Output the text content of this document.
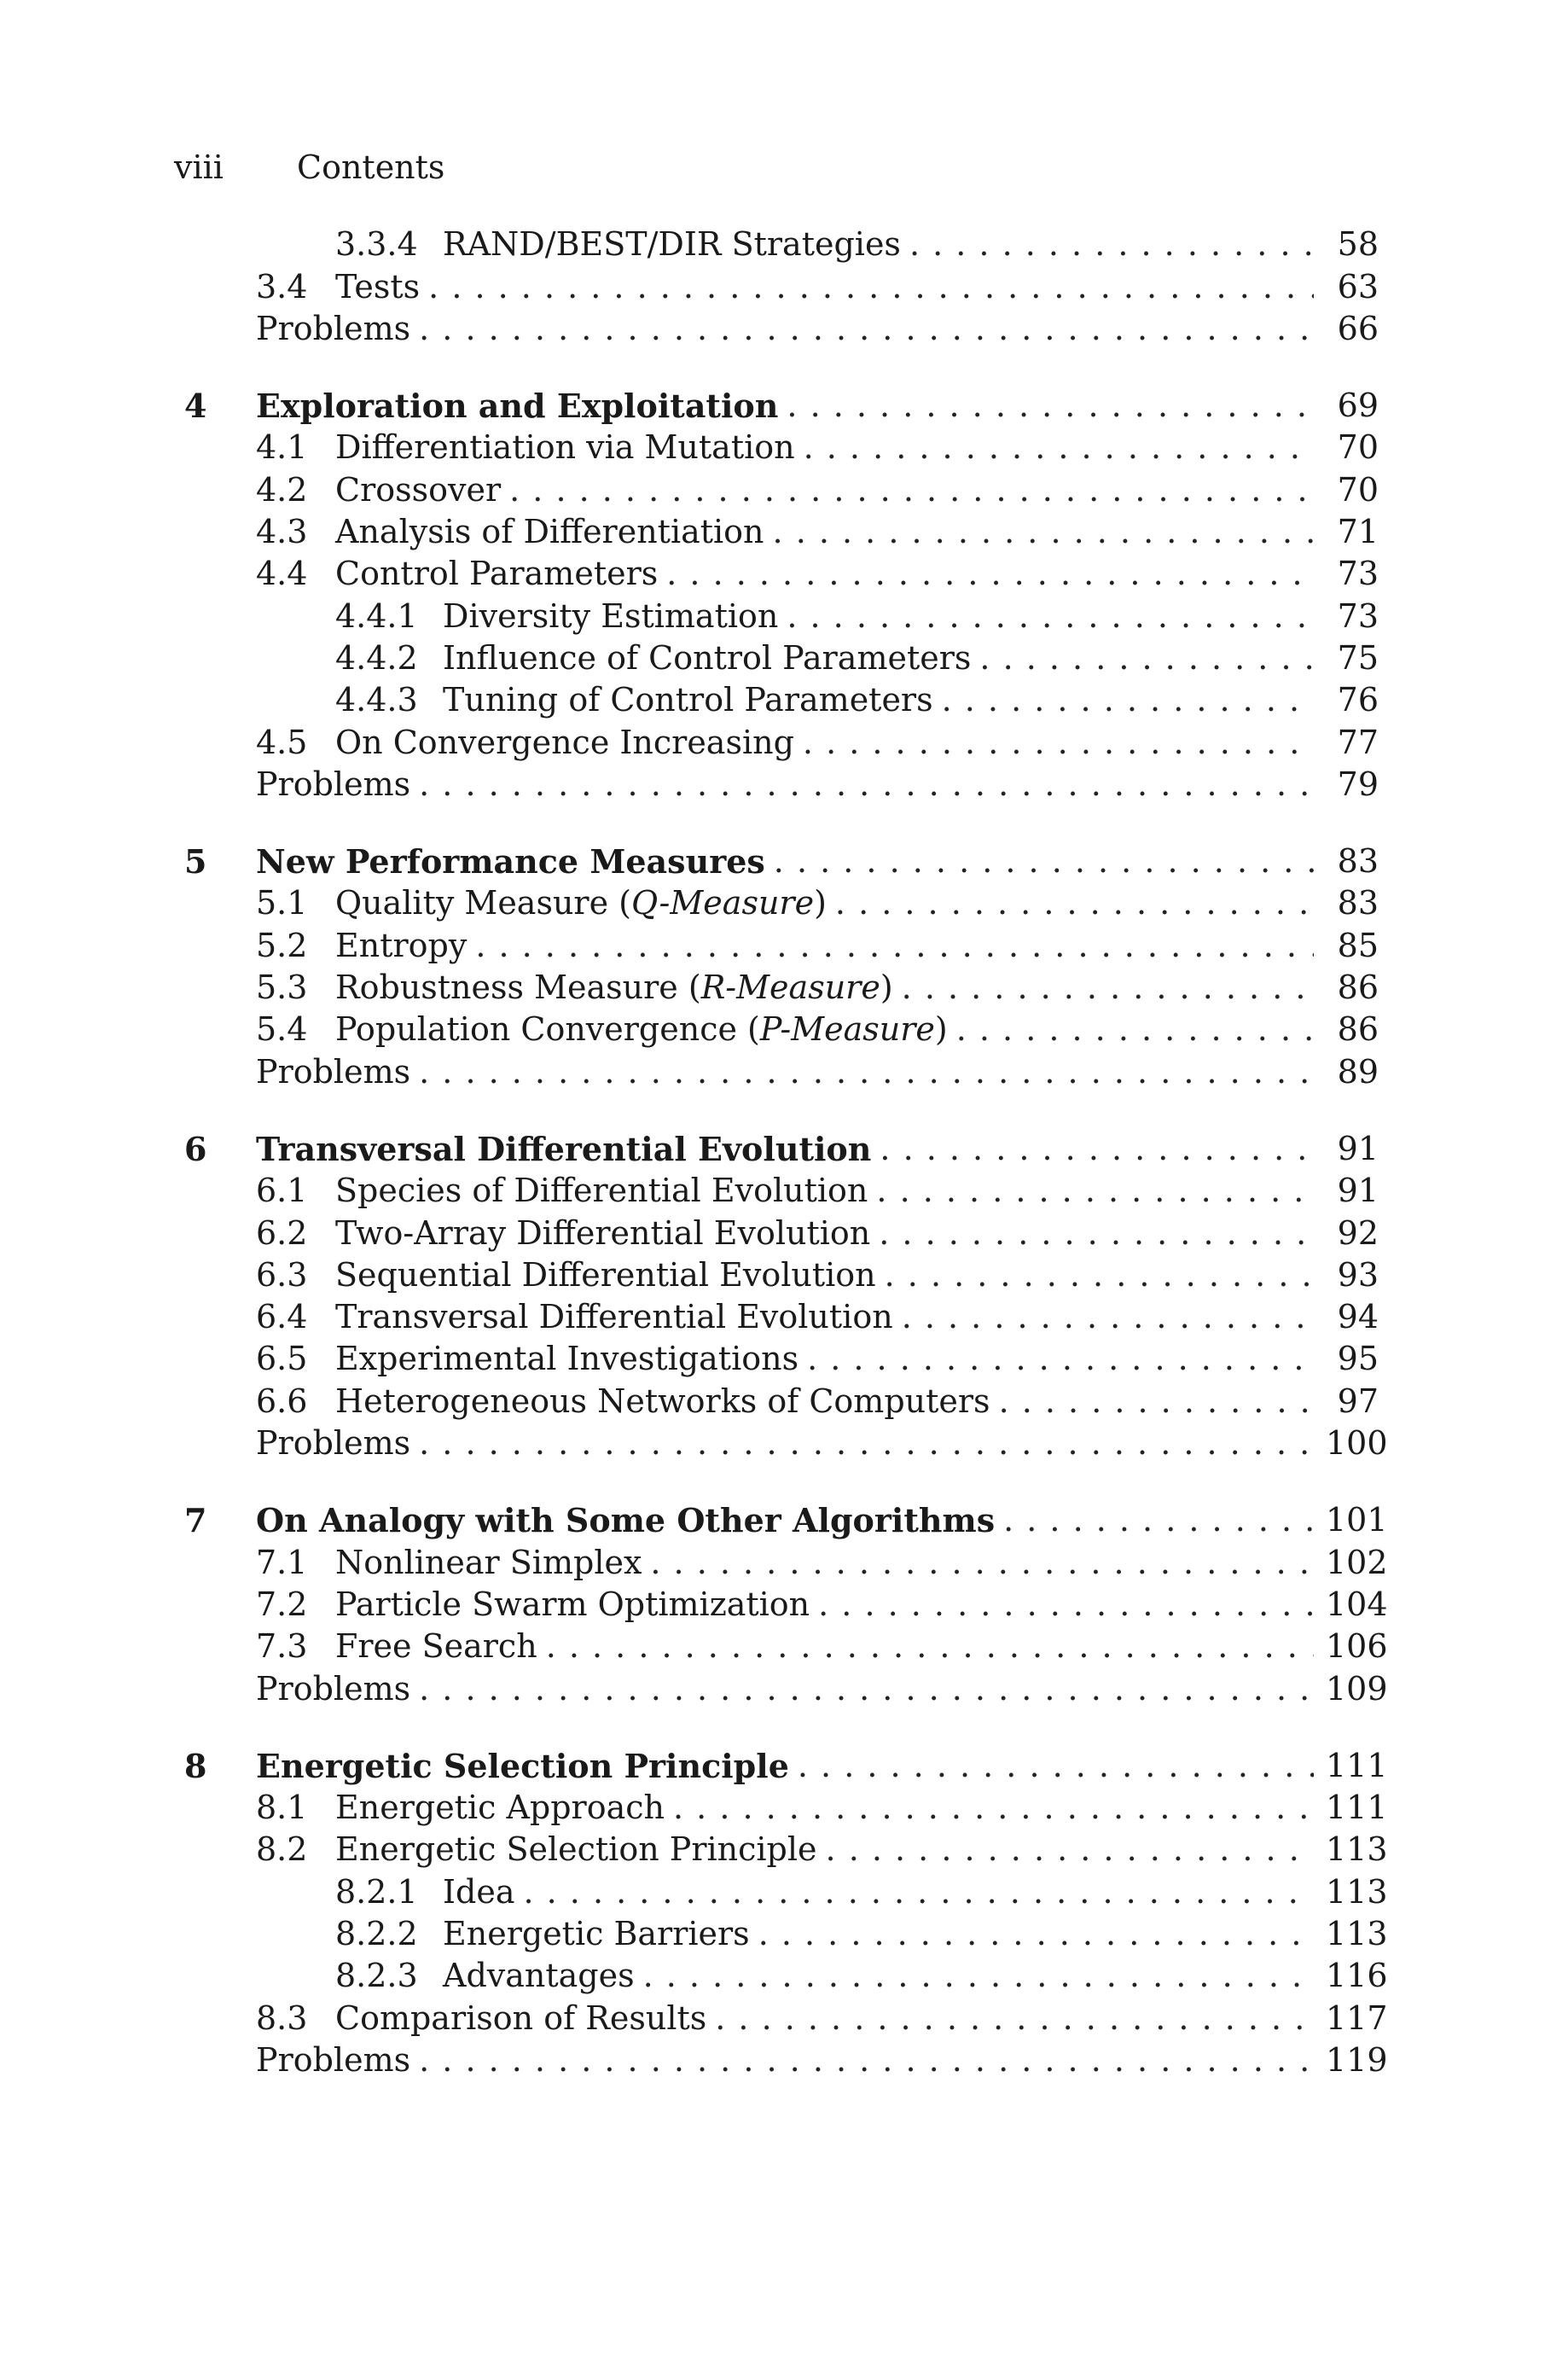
viii Contents
3.3.4 RAND/BEST/DIR Strategies . . .	58
3.4 Tests . . .	63
Problems . . .	66
4 Exploration and Exploitation . . .	69
4.1 Differentiation via Mutation . . .	70
4.2 Crossover . . .	70
4.3 Analysis of Differentiation . . .	71
4.4 Control Parameters . . .	73
4.4.1 Diversity Estimation . . .	73
4.4.2 Influence of Control Parameters . . .	75
4.4.3 Tuning of Control Parameters . . .	76
4.5 On Convergence Increasing . . .	77
Problems . . .	79
5 New Performance Measures . . .	83
5.1 Quality Measure (Q-Measure) . . .	83
5.2 Entropy . . .	85
5.3 Robustness Measure (R-Measure) . . .	86
5.4 Population Convergence (P-Measure) . . .	86
Problems . . .	89
6 Transversal Differential Evolution . . .	91
6.1 Species of Differential Evolution . . .	91
6.2 Two-Array Differential Evolution . . .	92
6.3 Sequential Differential Evolution . . .	93
6.4 Transversal Differential Evolution . . .	94
6.5 Experimental Investigations . . .	95
6.6 Heterogeneous Networks of Computers . . .	97
Problems . . .	100
7 On Analogy with Some Other Algorithms . . .	101
7.1 Nonlinear Simplex . . .	102
7.2 Particle Swarm Optimization . . .	104
7.3 Free Search . . .	106
Problems . . .	109
8 Energetic Selection Principle . . .	111
8.1 Energetic Approach . . .	111
8.2 Energetic Selection Principle . . .	113
8.2.1 Idea . . .	113
8.2.2 Energetic Barriers . . .	113
8.2.3 Advantages . . .	116
8.3 Comparison of Results . . .	117
Problems . . .	119
